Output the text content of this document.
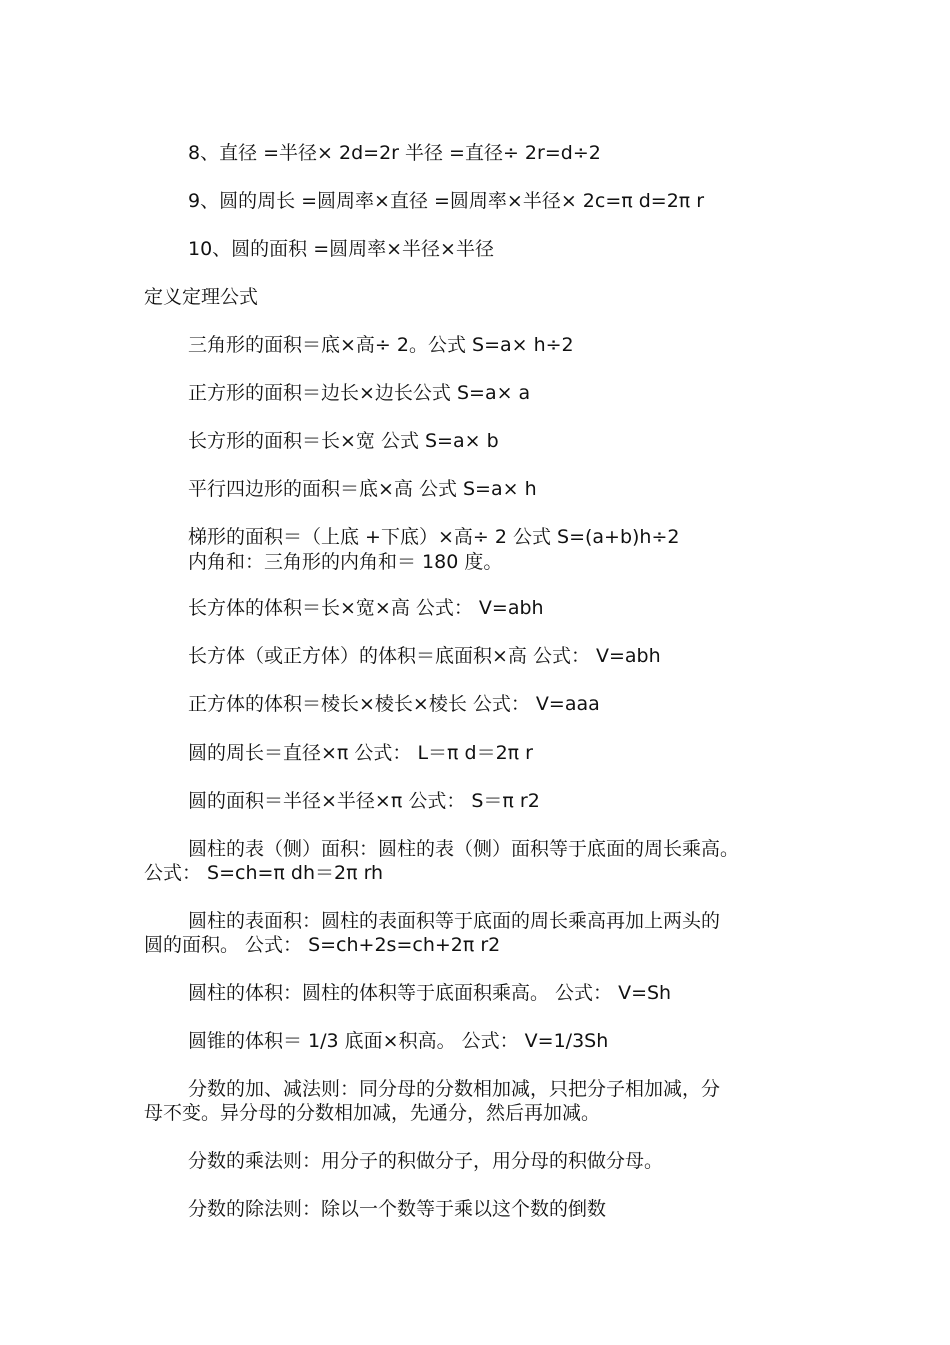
8、直径 =半径× 2d=2r 半径 =直径÷ 2r=d÷2
9、圆的周长 =圆周率×直径 =圆周率×半径× 2c=π d=2π r
10、圆的面积 =圆周率×半径×半径
定义定理公式
三角形的面积＝底×高÷ 2。公式 S=a× h÷2
正方形的面积＝边长×边长公式 S=a× a
长方形的面积＝长×宽 公式 S=a× b
平行四边形的面积＝底×高 公式 S=a× h
梯形的面积＝（上底 +下底）×高÷ 2 公式 S=(a+b)h÷2
内角和：三角形的内角和＝ 180 度。
长方体的体积＝长×宽×高 公式： V=abh
长方体（或正方体）的体积＝底面积×高 公式： V=abh
正方体的体积＝棱长×棱长×棱长 公式： V=aaa
圆的周长＝直径×π 公式： L＝π d＝2π r
圆的面积＝半径×半径×π 公式： S＝π r2
圆柱的表（侧）面积：圆柱的表（侧）面积等于底面的周长乘高。
公式： S=ch=π dh＝2π rh
圆柱的表面积：圆柱的表面积等于底面的周长乘高再加上两头的
圆的面积。 公式： S=ch+2s=ch+2π r2
圆柱的体积：圆柱的体积等于底面积乘高。 公式： V=Sh
圆锥的体积＝ 1/3 底面×积高。 公式： V=1/3Sh
分数的加、减法则：同分母的分数相加减，只把分子相加减，分
母不变。异分母的分数相加减，先通分，然后再加减。
分数的乘法则：用分子的积做分子，用分母的积做分母。
分数的除法则：除以一个数等于乘以这个数的倒数
